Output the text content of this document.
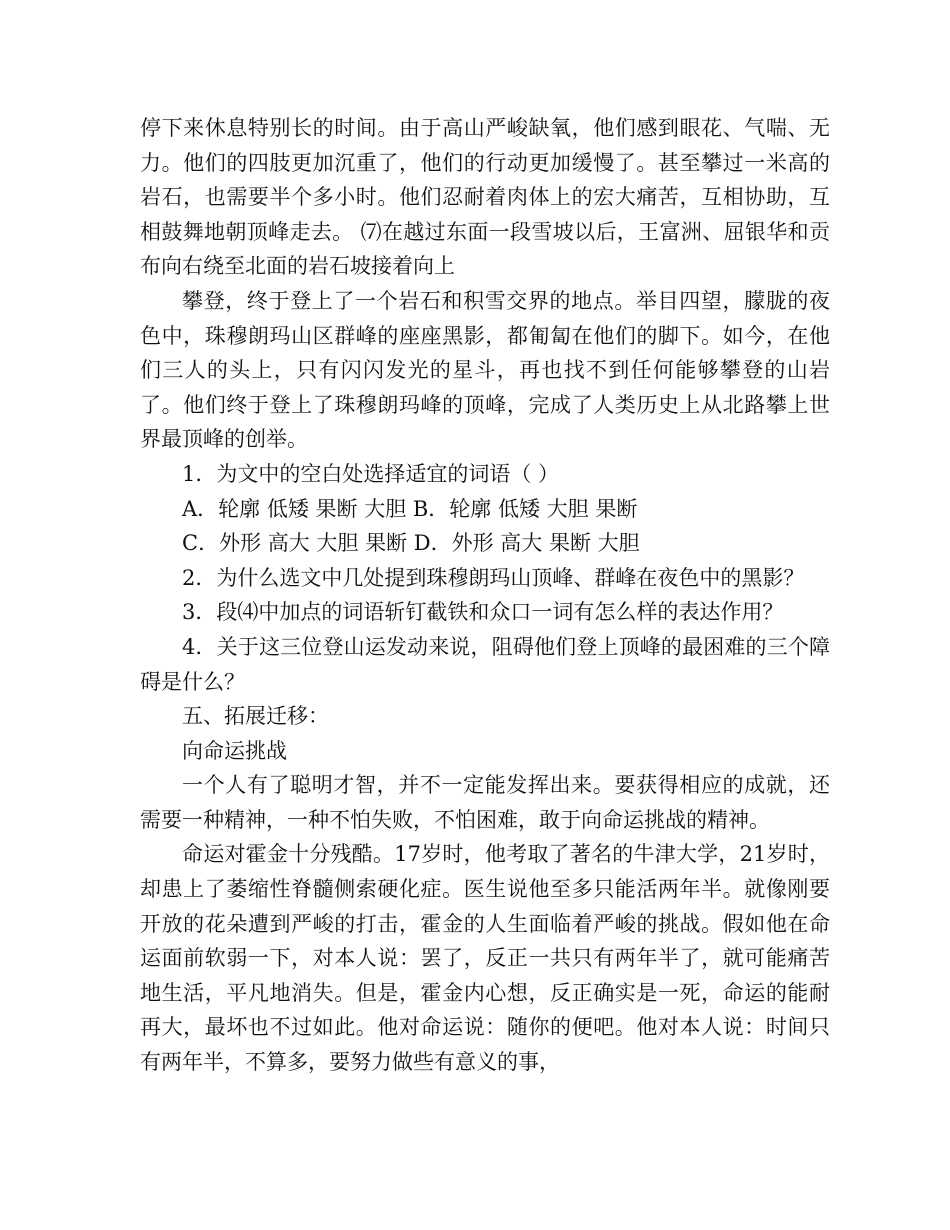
停下来休息特别长的时间。由于高山严峻缺氧，他们感到眼花、气喘、无力。他们的四肢更加沉重了，他们的行动更加缓慢了。甚至攀过一米高的岩石，也需要半个多小时。他们忍耐着肉体上的宏大痛苦，互相协助，互相鼓舞地朝顶峰走去。 ⑺在越过东面一段雪坡以后，王富洲、屈银华和贡布向右绕至北面的岩石坡接着向上

攀登，终于登上了一个岩石和积雪交界的地点。举目四望，朦胧的夜色中，珠穆朗玛山区群峰的座座黑影，都匍匐在他们的脚下。如今，在他们三人的头上，只有闪闪发光的星斗，再也找不到任何能够攀登的山岩了。他们终于登上了珠穆朗玛峰的顶峰，完成了人类历史上从北路攀上世界最顶峰的创举。

1．为文中的空白处选择适宜的词语（ ）

A．轮廓 低矮 果断 大胆 B．轮廓 低矮 大胆 果断

C．外形 高大 大胆 果断 D．外形 高大 果断 大胆

2．为什么选文中几处提到珠穆朗玛山顶峰、群峰在夜色中的黑影？

3．段⑷中加点的词语斩钉截铁和众口一词有怎么样的表达作用？

4．关于这三位登山运发动来说，阻碍他们登上顶峰的最困难的三个障碍是什么？

五、拓展迁移：

向命运挑战

一个人有了聪明才智，并不一定能发挥出来。要获得相应的成就，还需要一种精神，一种不怕失败，不怕困难，敢于向命运挑战的精神。

命运对霍金十分残酷。17岁时，他考取了著名的牛津大学，21岁时，却患上了萎缩性脊髓侧索硬化症。医生说他至多只能活两年半。就像刚要开放的花朵遭到严峻的打击，霍金的人生面临着严峻的挑战。假如他在命运面前软弱一下，对本人说：罢了，反正一共只有两年半了，就可能痛苦地生活，平凡地消失。但是，霍金内心想，反正确实是一死，命运的能耐再大，最坏也不过如此。他对命运说：随你的便吧。他对本人说：时间只有两年半，不算多，要努力做些有意义的事，
